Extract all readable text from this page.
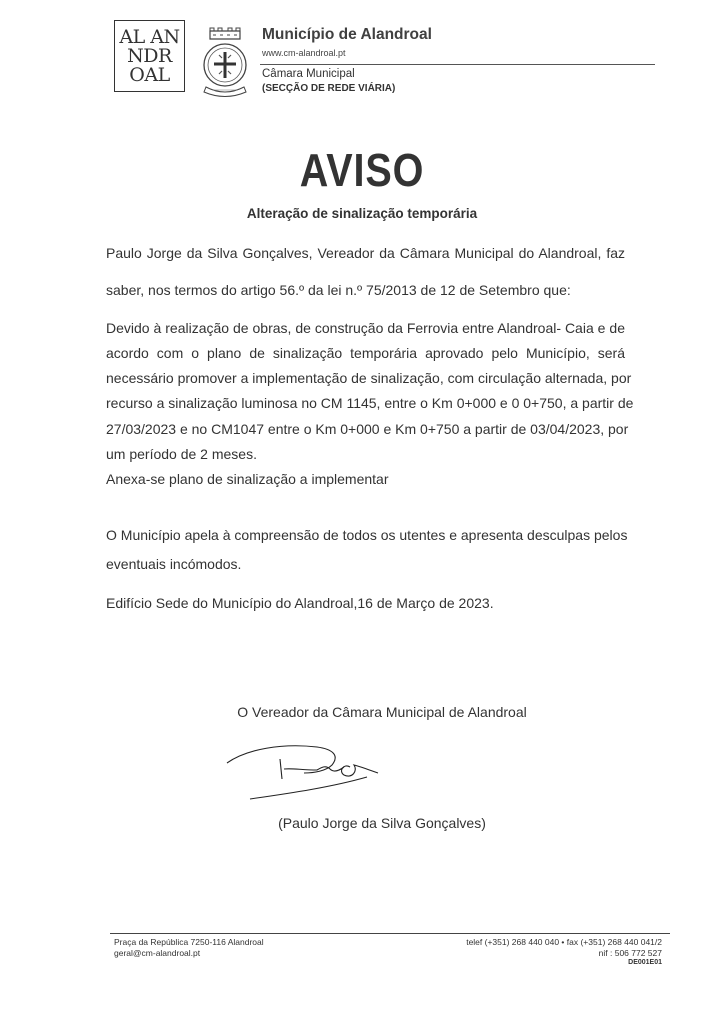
AL AN
NDR
OAL
Município de Alandroal
www.cm-alandroal.pt
Câmara Municipal
(SECÇÃO DE REDE VIÁRIA)
AVISO
Alteração de sinalização temporária
Paulo Jorge da Silva Gonçalves, Vereador da Câmara Municipal do Alandroal, faz
saber, nos termos do artigo 56.º da lei n.º 75/2013 de 12 de Setembro que:
Devido à realização de obras, de construção da Ferrovia entre Alandroal- Caia e de
acordo com o plano de sinalização temporária aprovado pelo Município, será
necessário promover a implementação de sinalização, com circulação alternada, por
recurso a sinalização luminosa no CM 1145, entre o Km 0+000 e 0 0+750, a partir de
27/03/2023 e no CM1047 entre o Km 0+000 e Km 0+750 a partir de 03/04/2023, por
um período de 2 meses.
Anexa-se plano de sinalização a implementar
O Município apela à compreensão de todos os utentes e apresenta desculpas pelos
eventuais incómodos.
Edifício Sede do Município do Alandroal,16 de Março de 2023.
O Vereador da Câmara Municipal de Alandroal
(Paulo Jorge da Silva Gonçalves)
Praça da República 7250-116 Alandroal
geral@cm-alandroal.pt
telef (+351) 268 440 040 • fax (+351) 268 440 041/2
nif : 506 772 527
DE001E01
